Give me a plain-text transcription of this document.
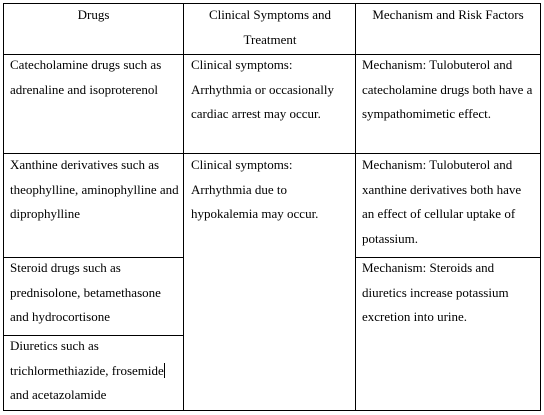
Drugs	Clinical Symptoms and Treatment
Mechanism and Risk Factors
Catecholamine drugs such as adrenaline and isoproterenol
Clinical symptoms: Arrhythmia or occasionally cardiac arrest may occur.
Mechanism: Tulobuterol and catecholamine drugs both have a sympathomimetic effect.
Xanthine derivatives such as theophylline, aminophylline and diprophylline
Clinical symptoms: Arrhythmia due to hypokalemia may occur.
Mechanism: Tulobuterol and xanthine derivatives both have an effect of cellular uptake of potassium.
Steroid drugs such as prednisolone, betamethasone and hydrocortisone
Mechanism: Steroids and diuretics increase potassium excretion into urine.
Diuretics such as trichlormethiazide, frosemide and acetazolamide
